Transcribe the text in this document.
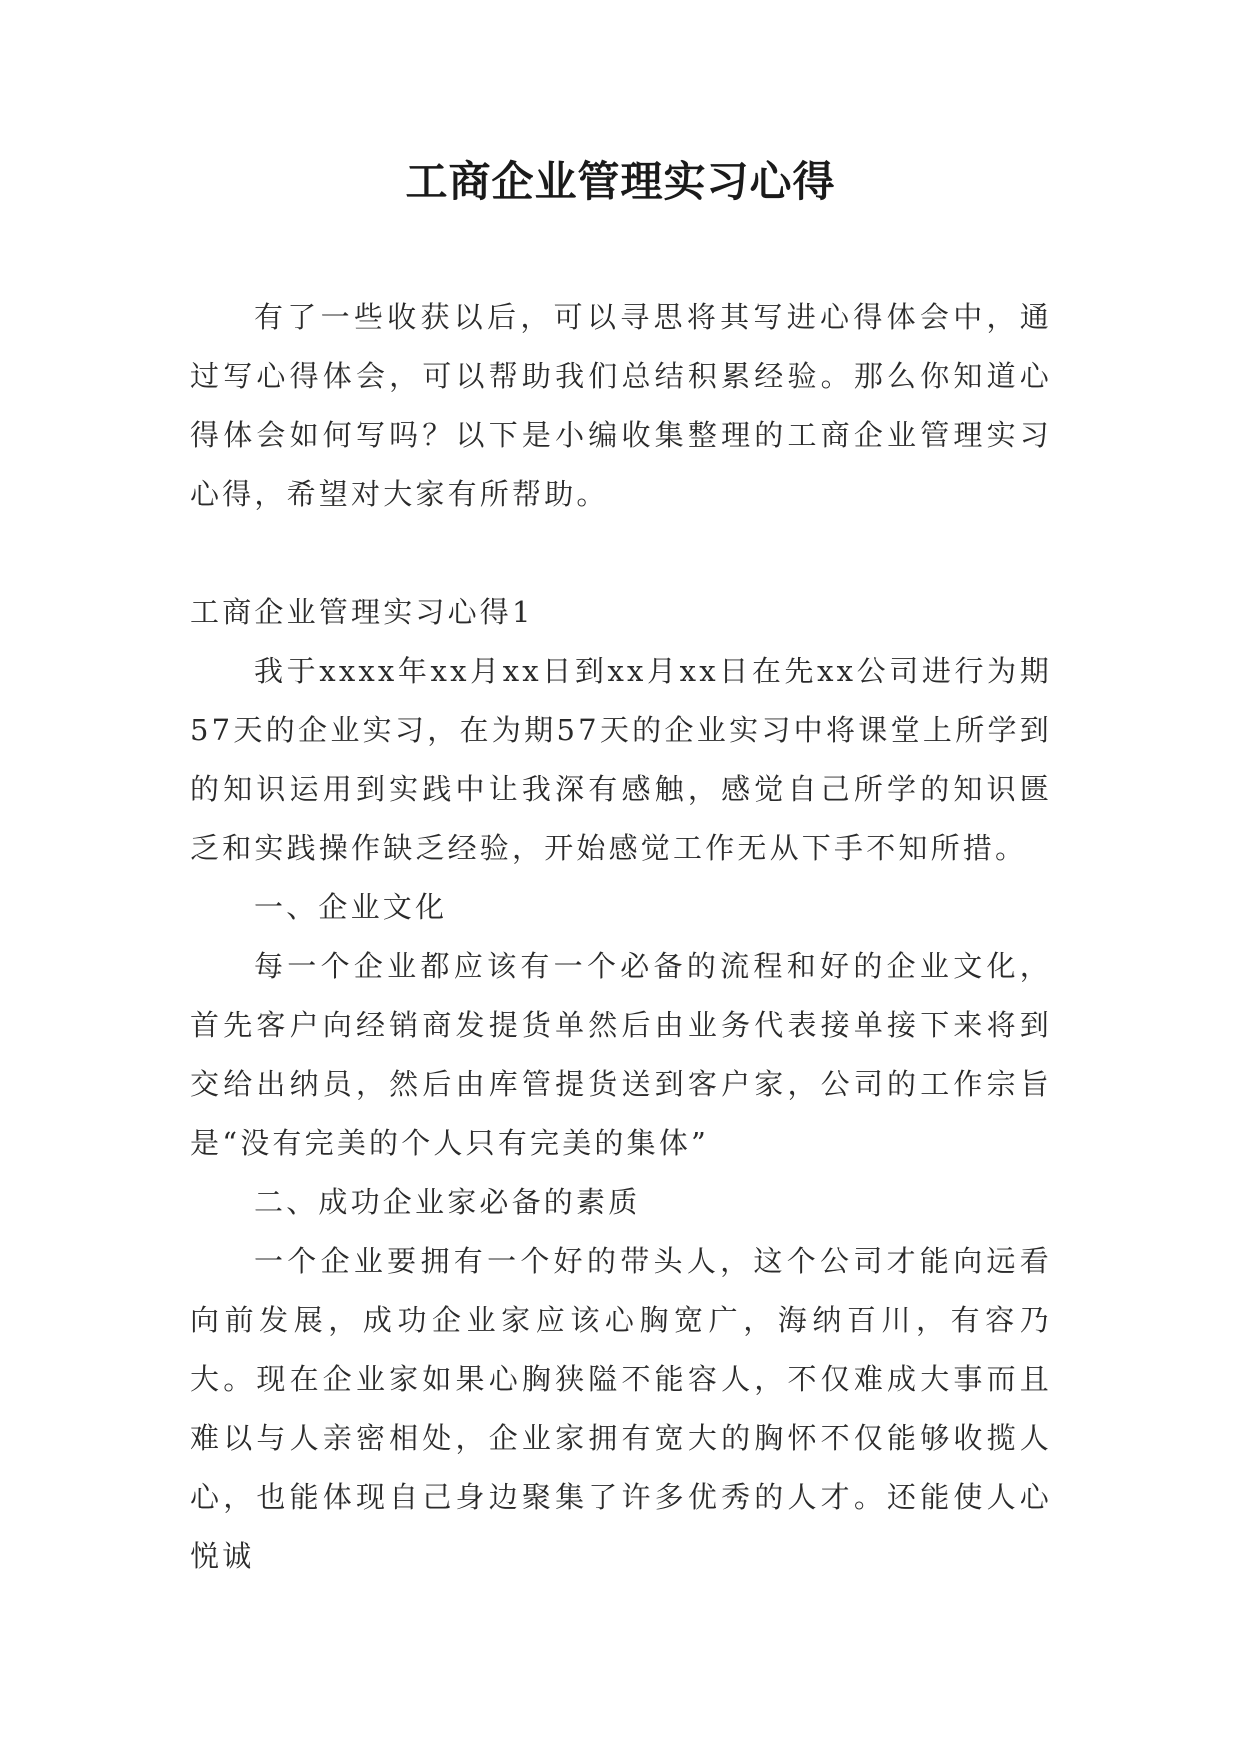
工商企业管理实习心得

有了一些收获以后，可以寻思将其写进心得体会中，通过写心得体会，可以帮助我们总结积累经验。那么你知道心得体会如何写吗？以下是小编收集整理的工商企业管理实习心得，希望对大家有所帮助。

工商企业管理实习心得1

我于xxxx年xx月xx日到xx月xx日在先xx公司进行为期57天的企业实习，在为期57天的企业实习中将课堂上所学到的知识运用到实践中让我深有感触，感觉自己所学的知识匮乏和实践操作缺乏经验，开始感觉工作无从下手不知所措。

一、企业文化

每一个企业都应该有一个必备的流程和好的企业文化，首先客户向经销商发提货单然后由业务代表接单接下来将到交给出纳员，然后由库管提货送到客户家，公司的工作宗旨是“没有完美的个人只有完美的集体”

二、成功企业家必备的素质

一个企业要拥有一个好的带头人，这个公司才能向远看向前发展，成功企业家应该心胸宽广，海纳百川，有容乃大。现在企业家如果心胸狭隘不能容人，不仅难成大事而且难以与人亲密相处，企业家拥有宽大的胸怀不仅能够收揽人心，也能体现自己身边聚集了许多优秀的人才。还能使人心悦诚
